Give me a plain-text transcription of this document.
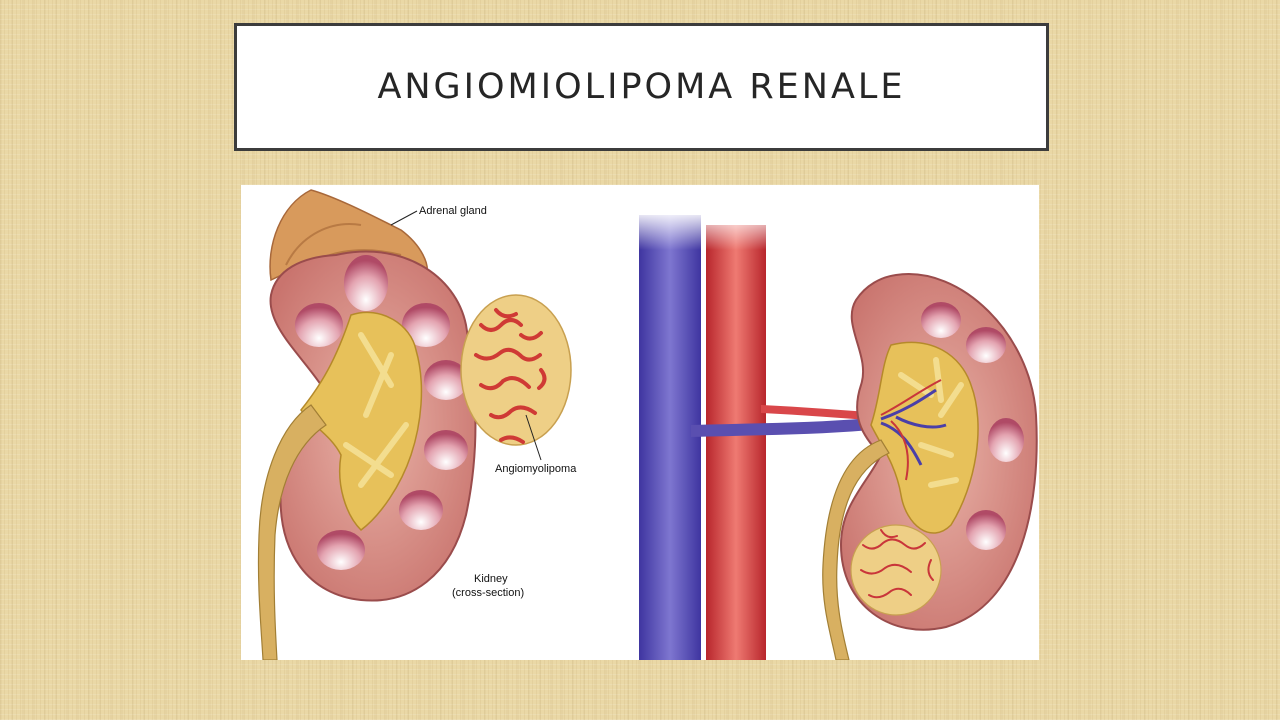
ANGIOMIOLIPOMA RENALE
Adrenal gland
Angiomyolipoma
Kidney
(cross-section)
